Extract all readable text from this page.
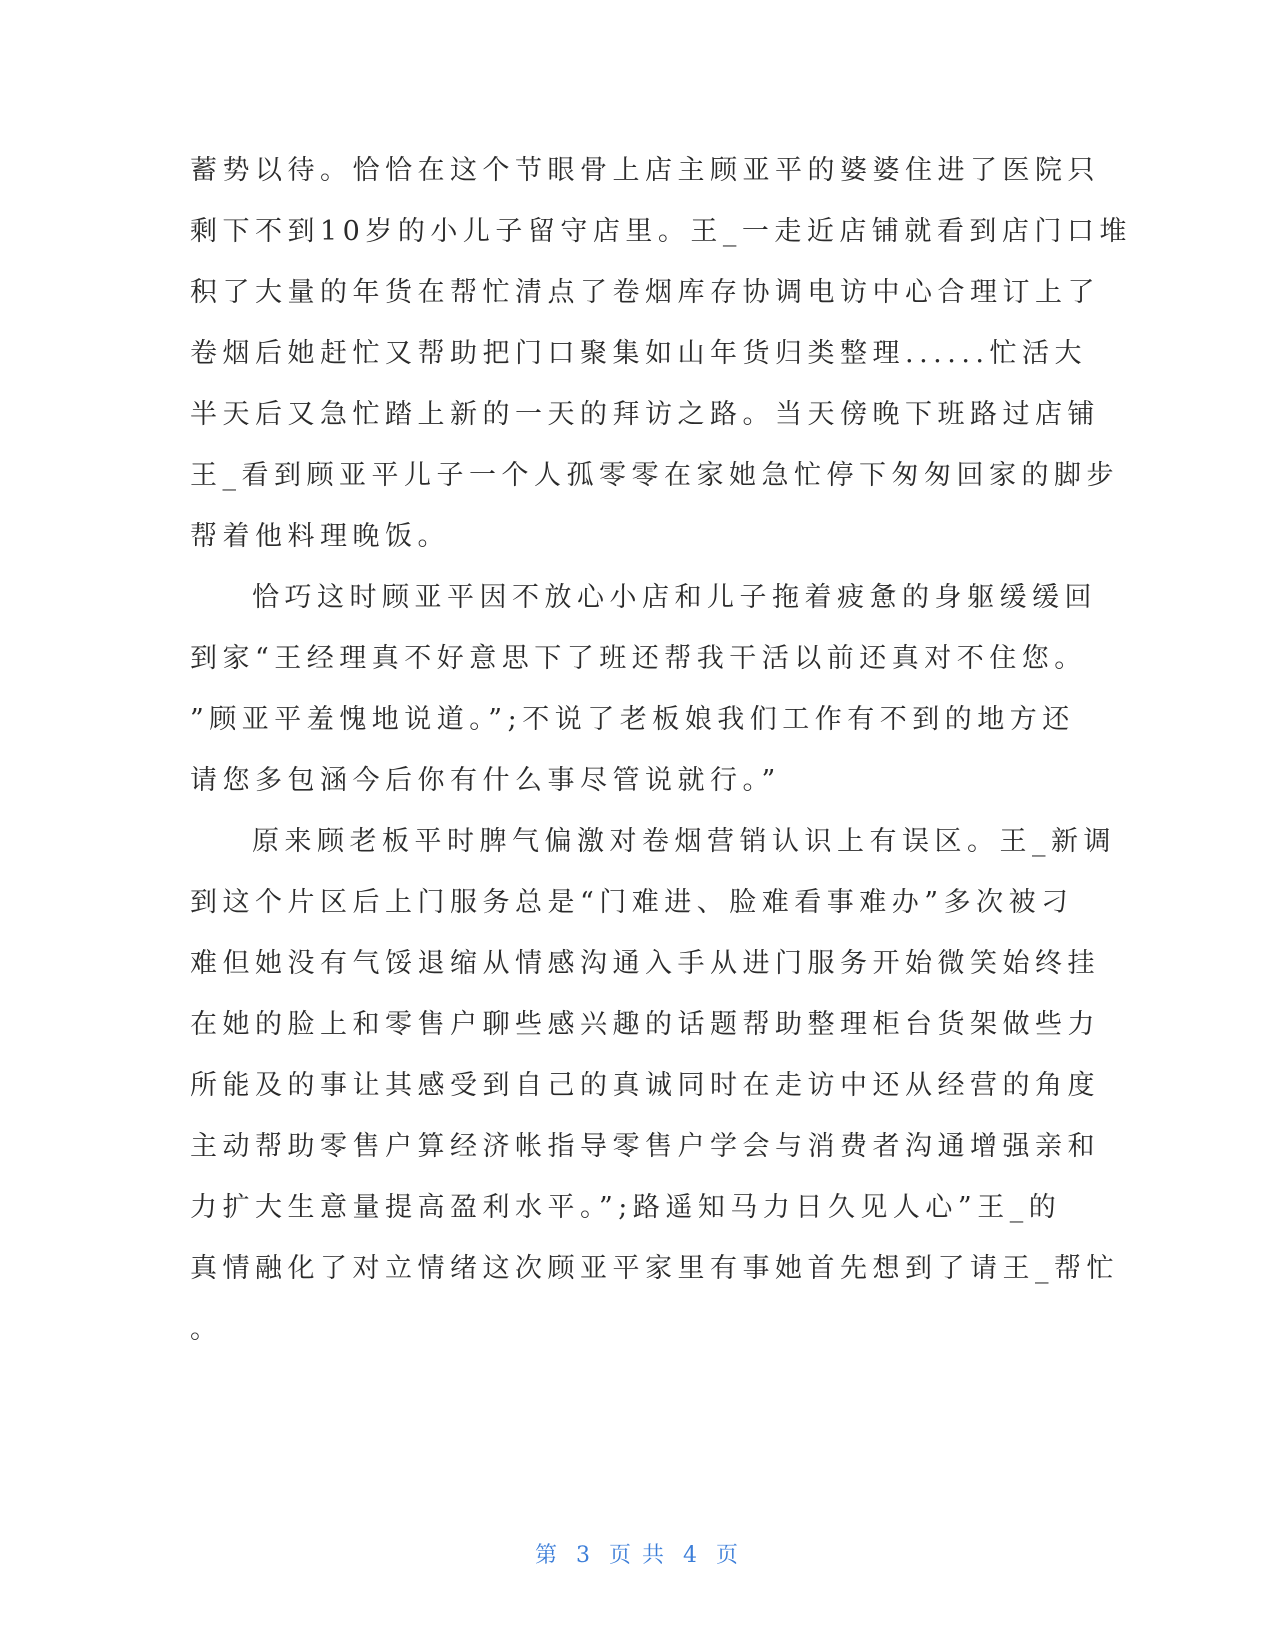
蓄势以待。恰恰在这个节眼骨上店主顾亚平的婆婆住进了医院只
剩下不到10岁的小儿子留守店里。王_一走近店铺就看到店门口堆
积了大量的年货在帮忙清点了卷烟库存协调电访中心合理订上了
卷烟后她赶忙又帮助把门口聚集如山年货归类整理......忙活大
半天后又急忙踏上新的一天的拜访之路。当天傍晚下班路过店铺
王_看到顾亚平儿子一个人孤零零在家她急忙停下匆匆回家的脚步
帮着他料理晚饭。
恰巧这时顾亚平因不放心小店和儿子拖着疲惫的身躯缓缓回
到家“王经理真不好意思下了班还帮我干活以前还真对不住您。
”顾亚平羞愧地说道。”;不说了老板娘我们工作有不到的地方还
请您多包涵今后你有什么事尽管说就行。”
原来顾老板平时脾气偏激对卷烟营销认识上有误区。王_新调
到这个片区后上门服务总是“门难进、脸难看事难办”多次被刁
难但她没有气馁退缩从情感沟通入手从进门服务开始微笑始终挂
在她的脸上和零售户聊些感兴趣的话题帮助整理柜台货架做些力
所能及的事让其感受到自己的真诚同时在走访中还从经营的角度
主动帮助零售户算经济帐指导零售户学会与消费者沟通增强亲和
力扩大生意量提高盈利水平。”;路遥知马力日久见人心”王_的
真情融化了对立情绪这次顾亚平家里有事她首先想到了请王_帮忙
。
第 3 页 共 4 页
